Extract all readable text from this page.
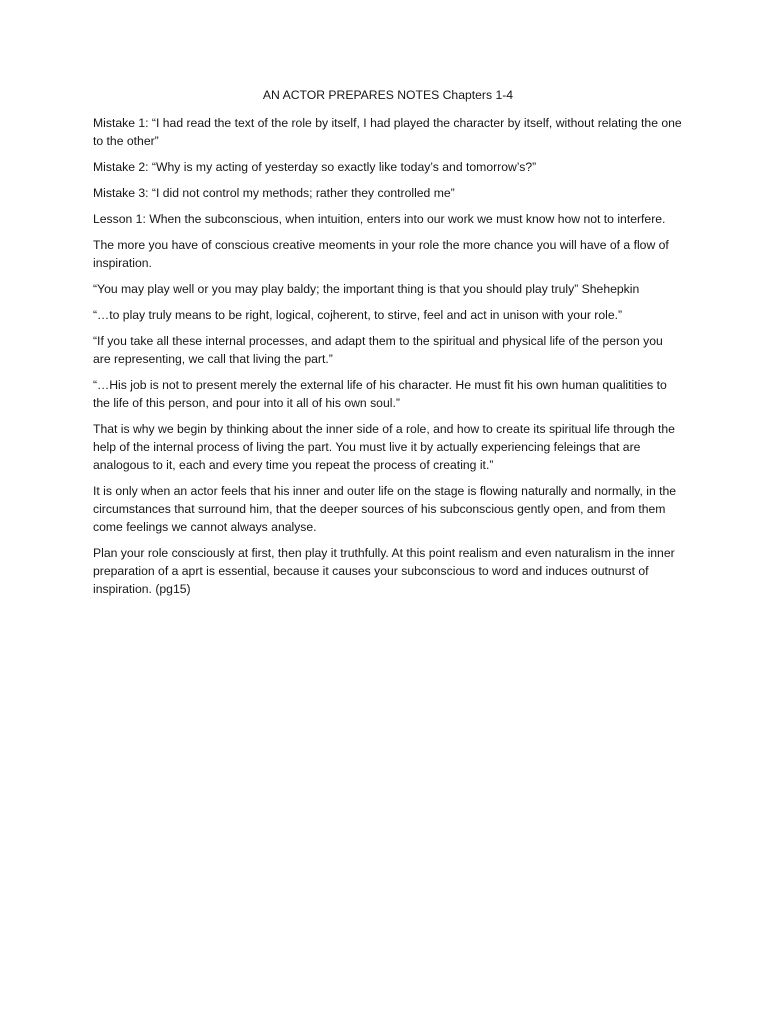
AN ACTOR PREPARES NOTES Chapters 1-4

Mistake 1: “I had read the text of the role by itself, I had played the character by itself, without relating the one to the other”

Mistake 2: “Why is my acting of yesterday so exactly like today’s and tomorrow’s?”

Mistake 3: “I did not control my methods; rather they controlled me”

Lesson 1: When the subconscious, when intuition, enters into our work we must know how not to interfere.

The more you have of conscious creative meoments in your role the more chance you will have of a flow of inspiration.

“You may play well or you may play baldy; the important thing is that you should play truly” Shehepkin

“…to play truly means to be right, logical, cojherent, to stirve, feel and act in unison with your role.”

“If you take all these internal processes, and adapt them to the spiritual and physical life of the person you are representing, we call that living the part.”

“…His job is not to present merely the external life of his character. He must fit his own human qualitities to the life of this person, and pour into it all of his own soul.”

That is why we begin by thinking about the inner side of a role, and how to create its spiritual life through the help of the internal process of living the part. You must live it by actually experiencing feleings that are analogous to it, each and every time you repeat the process of creating it.”

It is only when an actor feels that his inner and outer life on the stage is flowing naturally and normally, in the circumstances that surround him, that the deeper sources of his subconscious gently open, and from them come feelings we cannot always analyse.

Plan your role consciously at first, then play it truthfully. At this point realism and even naturalism in the inner preparation of a aprt is essential, because it causes your subconscious to word and induces outnurst of inspiration. (pg15)
